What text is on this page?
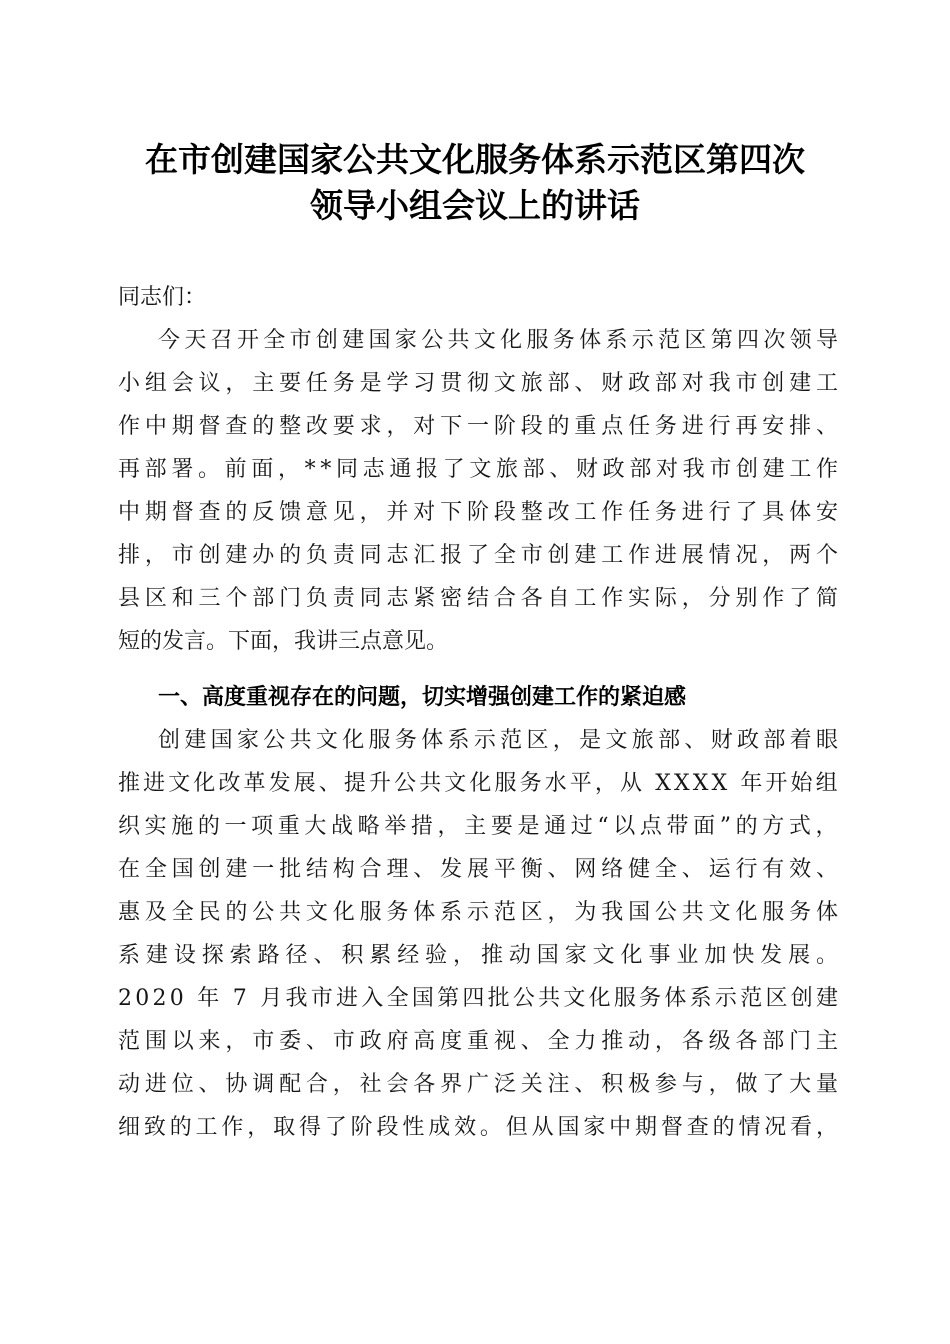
在市创建国家公共文化服务体系示范区第四次
领导小组会议上的讲话
同志们：
今天召开全市创建国家公共文化服务体系示范区第四次领导
小组会议，主要任务是学习贯彻文旅部、财政部对我市创建工
作中期督查的整改要求，对下一阶段的重点任务进行再安排、
再部署。前面，**同志通报了文旅部、财政部对我市创建工作
中期督查的反馈意见，并对下阶段整改工作任务进行了具体安
排，市创建办的负责同志汇报了全市创建工作进展情况，两个
县区和三个部门负责同志紧密结合各自工作实际，分别作了简
短的发言。下面，我讲三点意见。
一、高度重视存在的问题，切实增强创建工作的紧迫感
创建国家公共文化服务体系示范区，是文旅部、财政部着眼
推进文化改革发展、提升公共文化服务水平，从 XXXX 年开始组
织实施的一项重大战略举措，主要是通过“以点带面”的方式，
在全国创建一批结构合理、发展平衡、网络健全、运行有效、
惠及全民的公共文化服务体系示范区，为我国公共文化服务体
系建设探索路径、积累经验，推动国家文化事业加快发展。
2020 年 7 月我市进入全国第四批公共文化服务体系示范区创建
范围以来，市委、市政府高度重视、全力推动，各级各部门主
动进位、协调配合，社会各界广泛关注、积极参与，做了大量
细致的工作，取得了阶段性成效。但从国家中期督查的情况看，
